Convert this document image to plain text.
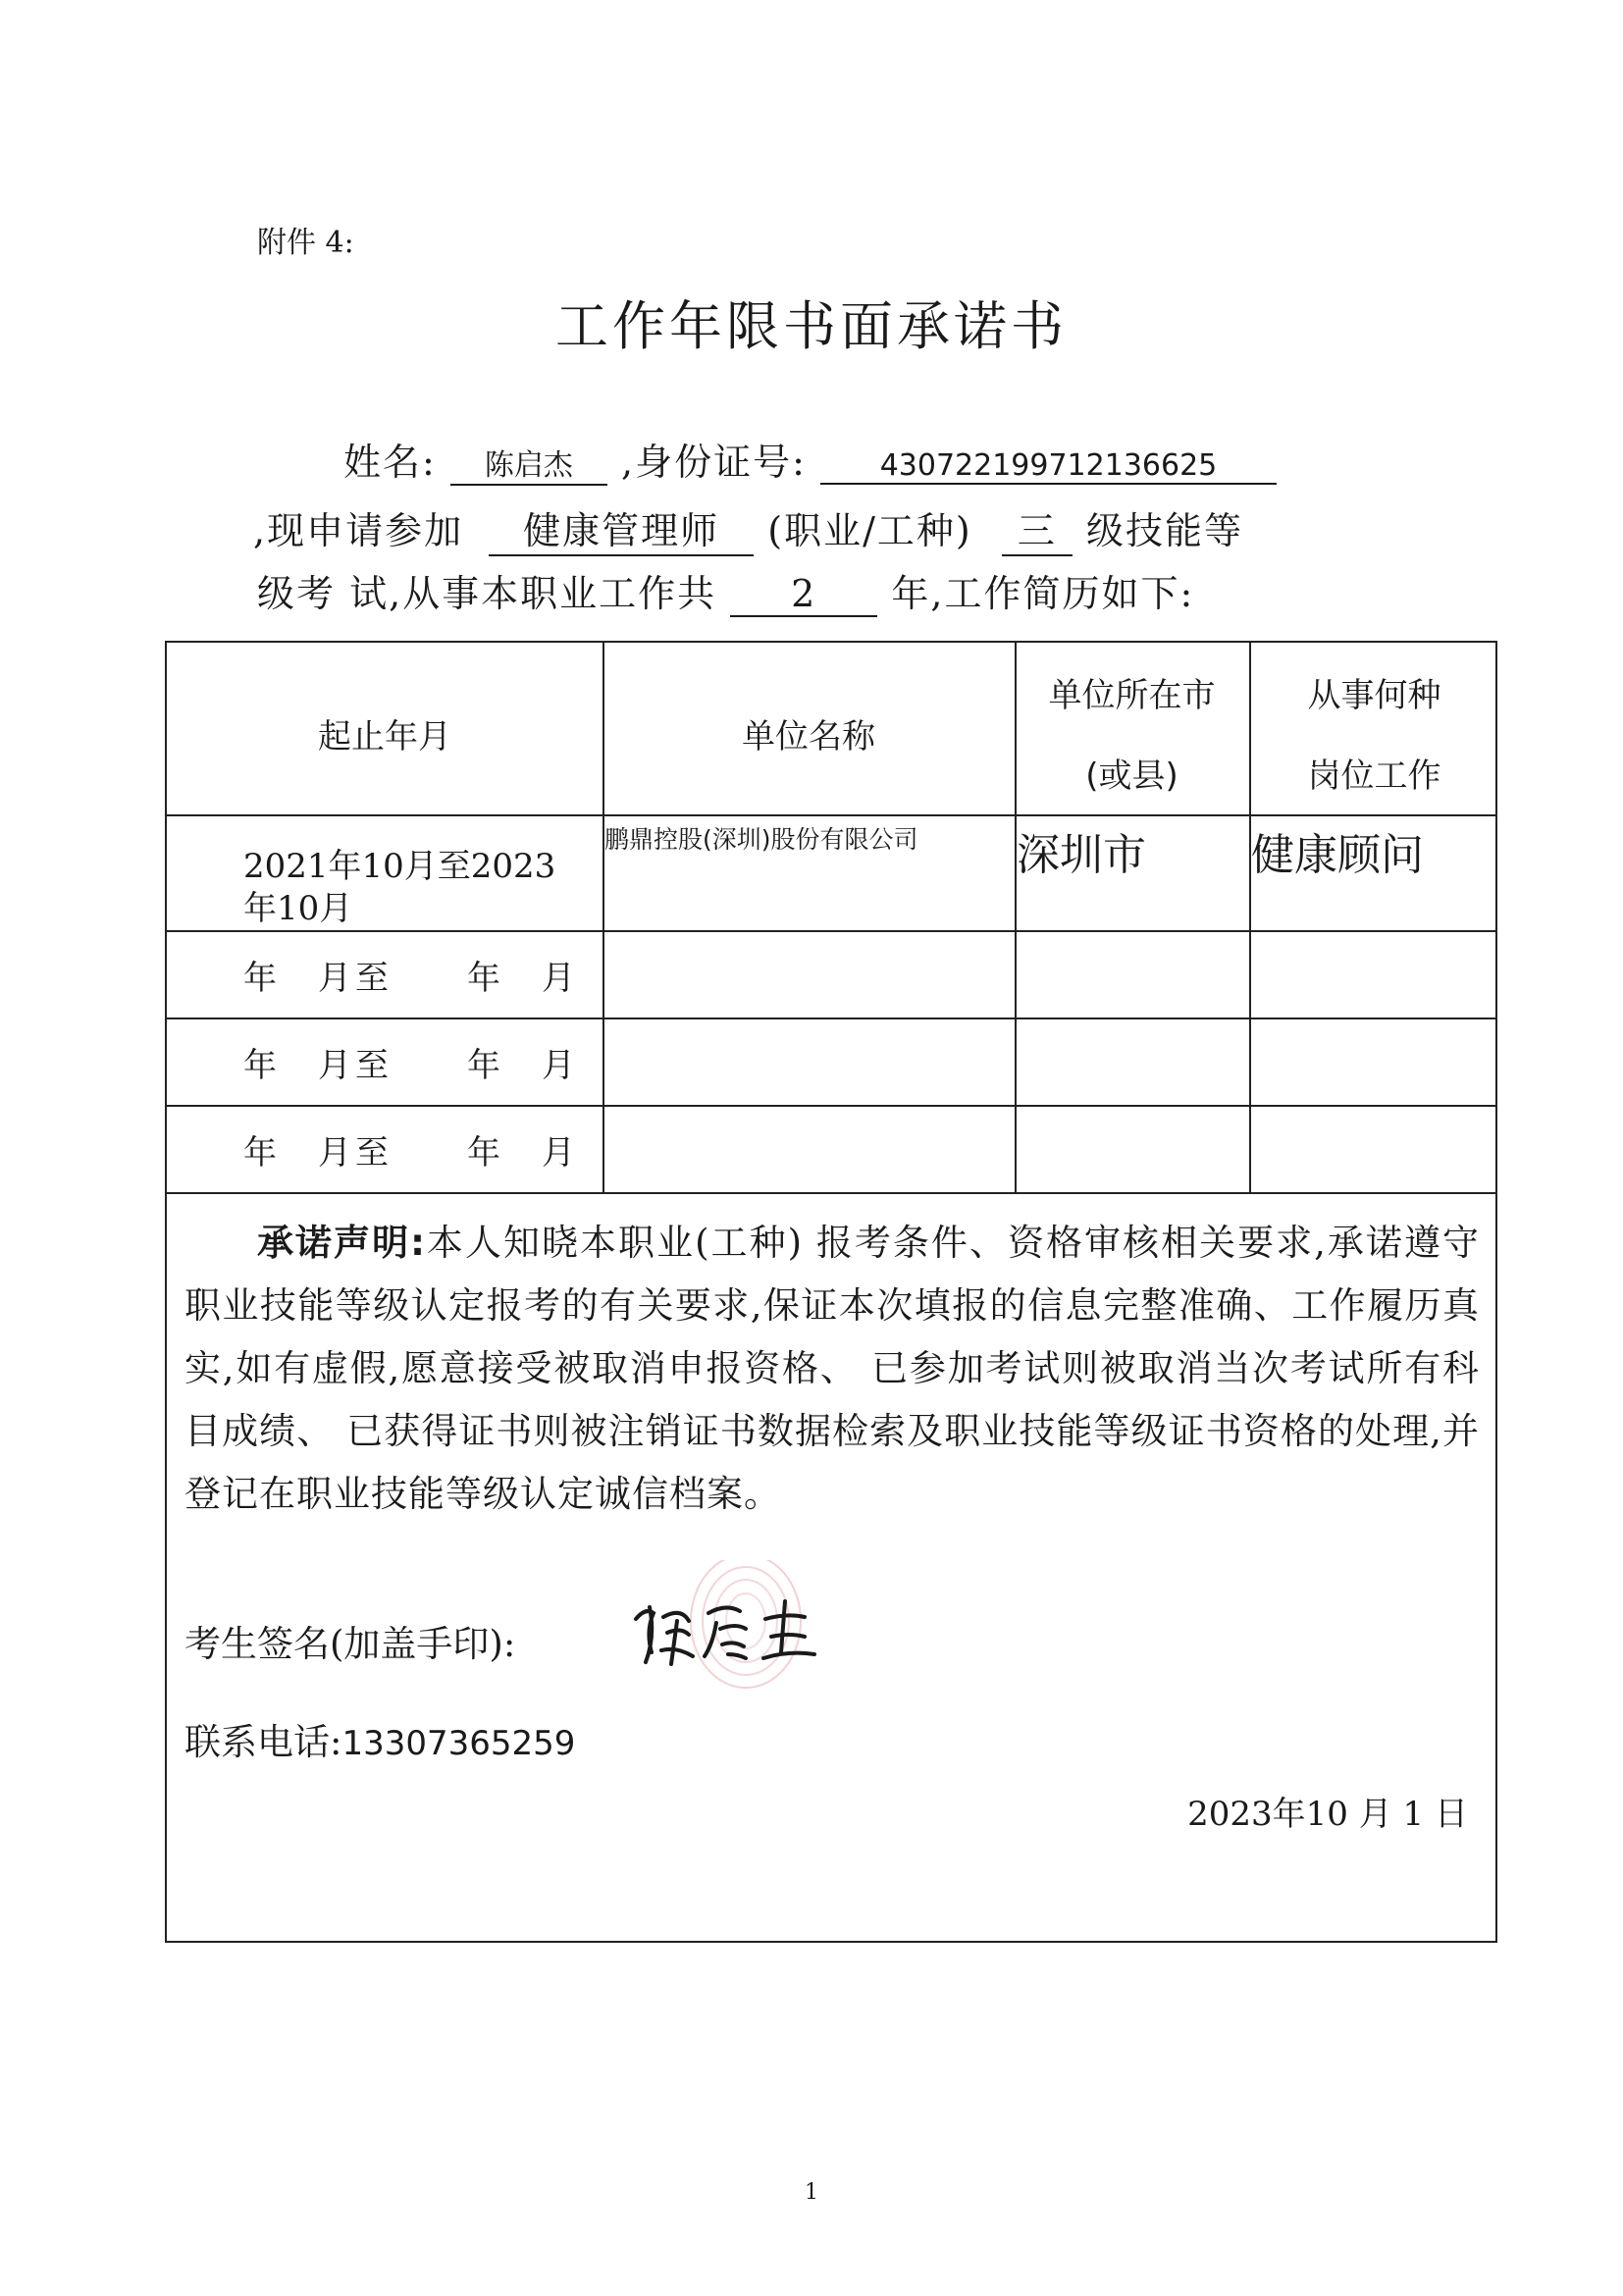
附件 4:
工作年限书面承诺书
姓名: 陈启杰 ,身份证号: 430722199712136625
,现申请参加 健康管理师 (职业/工种) 三 级技能等
级考 试,从事本职业工作共 2 年,工作简历如下:
起止年月	单位名称
单位所在市
(或县)
从事何种
岗位工作
2021年10月至2023
年10月
鹏鼎控股(深圳)股份有限公司 深圳市 健康顾问
年　月至　　年　月
年　月至　　年　月
年　月至　　年　月
承诺声明:本人知晓本职业(工种) 报考条件、资格审核相关要求,承诺遵守职业技能等级认定报考的有关要求,保证本次填报的信息完整准确、工作履历真实,如有虚假,愿意接受被取消申报资格、 已参加考试则被取消当次考试所有科目成绩、 已获得证书则被注销证书数据检索及职业技能等级证书资格的处理,并登记在职业技能等级认定诚信档案。
考生签名(加盖手印):
联系电话:13307365259
2023年10 月 1 日
1
